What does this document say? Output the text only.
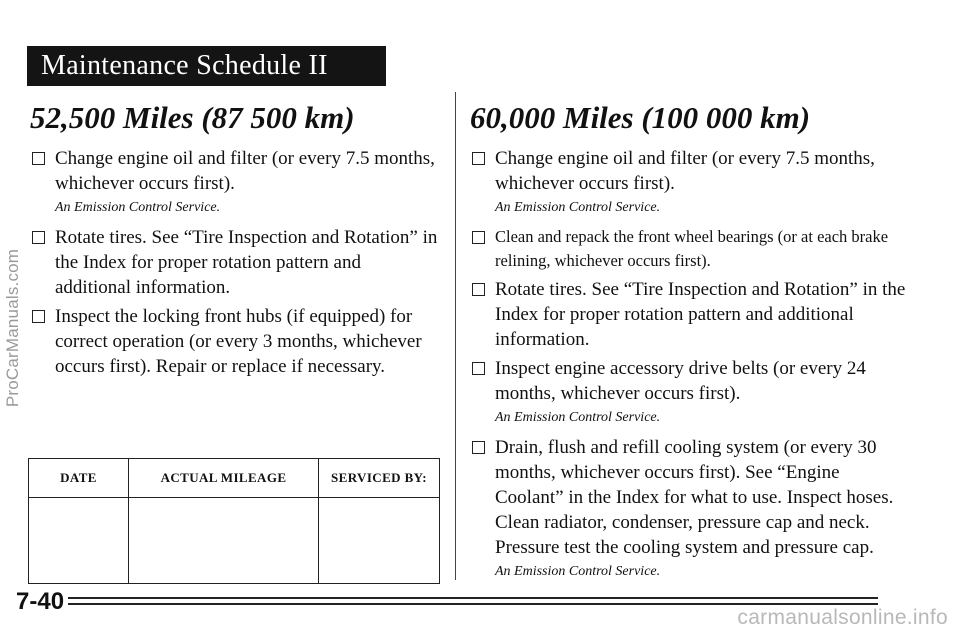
Maintenance Schedule II
52,500 Miles (87 500 km)
Change engine oil and filter (or every 7.5 months, whichever occurs first).
An Emission Control Service.
Rotate tires. See “Tire Inspection and Rotation” in the Index for proper rotation pattern and additional information.
Inspect the locking front hubs (if equipped) for correct operation (or every 3 months, whichever occurs first). Repair or replace if necessary.
DATE	ACTUAL MILEAGE	SERVICED BY:

60,000 Miles (100 000 km)
Change engine oil and filter (or every 7.5 months, whichever occurs first).
An Emission Control Service.
Clean and repack the front wheel bearings (or at each brake relining, whichever occurs first).
Rotate tires. See “Tire Inspection and Rotation” in the Index for proper rotation pattern and additional information.
Inspect engine accessory drive belts (or every 24 months, whichever occurs first).
An Emission Control Service.
Drain, flush and refill cooling system (or every 30 months, whichever occurs first). See “Engine Coolant” in the Index for what to use. Inspect hoses. Clean radiator, condenser, pressure cap and neck. Pressure test the cooling system and pressure cap.
An Emission Control Service.
7-40
ProCarManuals.com
carmanualsonline.info
